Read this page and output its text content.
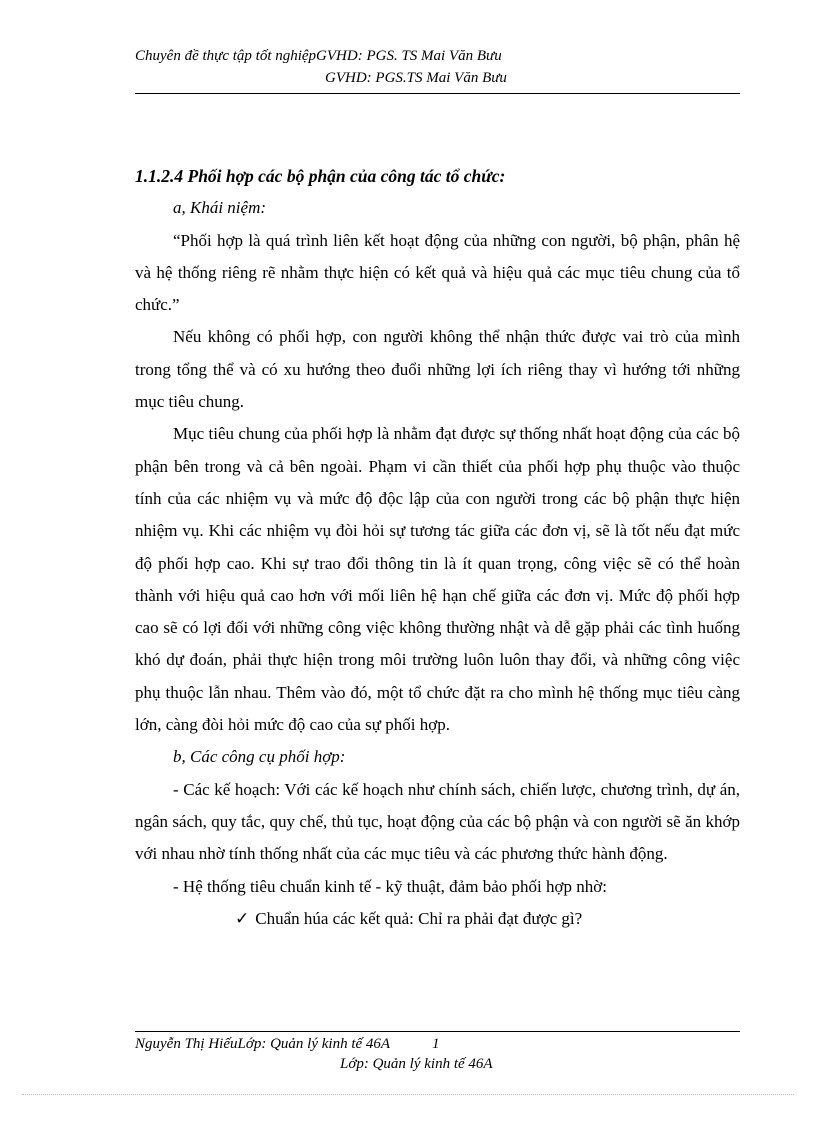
Chuyên đề thực tập tốt nghiệpGVHD: PGS. TS Mai Văn Bưu
GVHD: PGS.TS Mai Văn Bưu

1.1.2.4 Phối hợp các bộ phận của công tác tổ chức:

a, Khái niệm:

“Phối hợp là quá trình liên kết hoạt động của những con người, bộ phận, phân hệ và hệ thống riêng rẽ nhằm thực hiện có kết quả và hiệu quả các mục tiêu chung của tổ chức.”

Nếu không có phối hợp, con người không thể nhận thức được vai trò của mình trong tổng thể và có xu hướng theo đuổi những lợi ích riêng thay vì hướng tới những mục tiêu chung.

Mục tiêu chung của phối hợp là nhằm đạt được sự thống nhất hoạt động của các bộ phận bên trong và cả bên ngoài. Phạm vi cần thiết của phối hợp phụ thuộc vào thuộc tính của các nhiệm vụ và mức độ độc lập của con người trong các bộ phận thực hiện nhiệm vụ. Khi các nhiệm vụ đòi hỏi sự tương tác giữa các đơn vị, sẽ là tốt nếu đạt mức độ phối hợp cao. Khi sự trao đổi thông tin là ít quan trọng, công việc sẽ có thể hoàn thành với hiệu quả cao hơn với mối liên hệ hạn chế giữa các đơn vị. Mức độ phối hợp cao sẽ có lợi đối với những công việc không thường nhật và dễ gặp phải các tình huống khó dự đoán, phải thực hiện trong môi trường luôn luôn thay đổi, và những công việc phụ thuộc lẫn nhau. Thêm vào đó, một tổ chức đặt ra cho mình hệ thống mục tiêu càng lớn, càng đòi hỏi mức độ cao của sự phối hợp.

b, Các công cụ phối hợp:

- Các kế hoạch: Với các kế hoạch như chính sách, chiến lược, chương trình, dự án, ngân sách, quy tắc, quy chế, thủ tục, hoạt động của các bộ phận và con người sẽ ăn khớp với nhau nhờ tính thống nhất của các mục tiêu và các phương thức hành động.

- Hệ thống tiêu chuẩn kinh tế - kỹ thuật, đảm bảo phối hợp nhờ:

✓ Chuẩn húa các kết quả: Chỉ ra phải đạt được gì?

Nguyễn Thị HiếuLớp: Quản lý kinh tế 46A	1
Lớp: Quản lý kinh tế 46A
